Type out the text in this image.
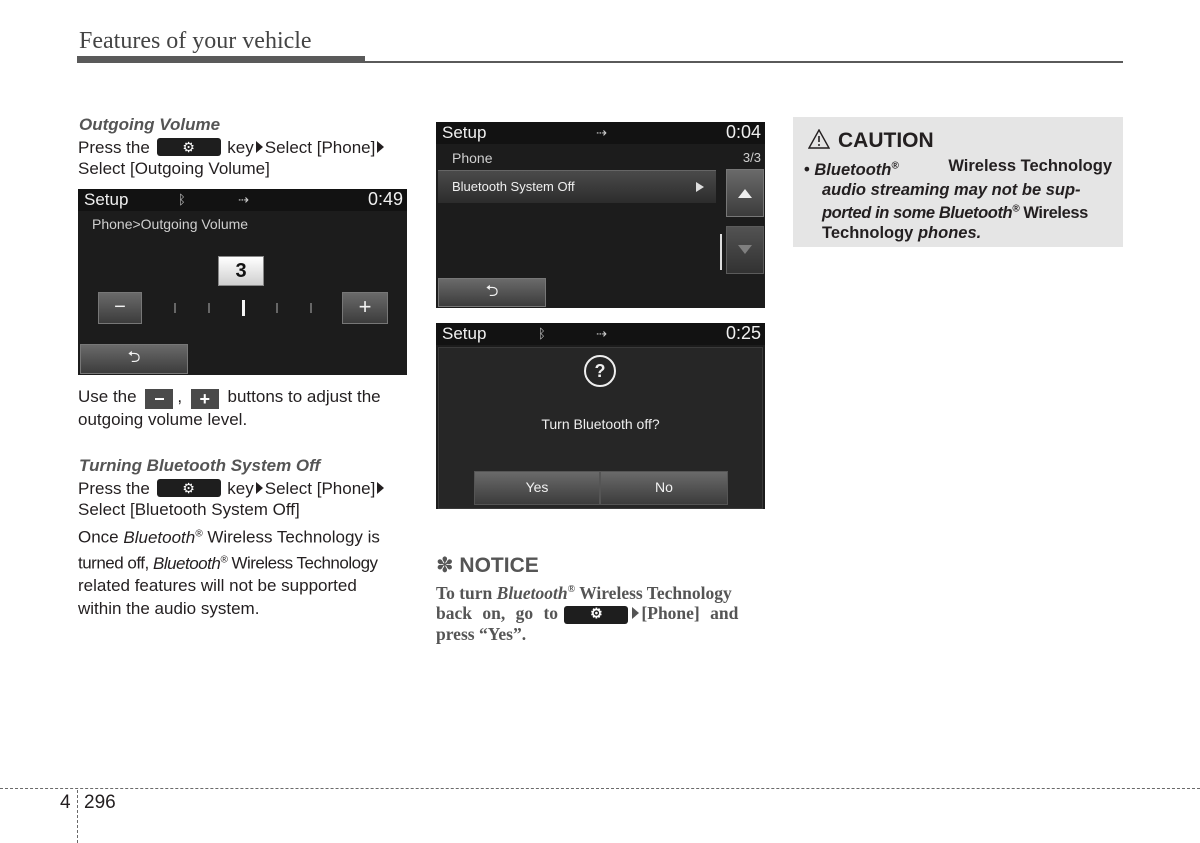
Features of your vehicle
Outgoing Volume
Press the ⚙ key Select [Phone]
Select [Outgoing Volume]
Setup	ᛒ	⇢	0:49
Phone>Outgoing Volume
3
−	+
⮌
Use the − , + buttons to adjust the
outgoing volume level.
Turning Bluetooth System Off
Press the ⚙ key Select [Phone]
Select [Bluetooth System Off]
Once Bluetooth® Wireless Technology is
turned off, Bluetooth® Wireless Technology
related features will not be supported
within the audio system.
Setup	⇢	0:04
Phone	3/3
Bluetooth System Off
⮌
Setup	ᛒ	⇢	0:25
?
Turn Bluetooth off?
Yes	No
✽ NOTICE
To turn Bluetooth® Wireless Technology
back on, go to ⚙ [Phone] and
press “Yes”.
CAUTION
• Bluetooth®	Wireless Technology

audio streaming may not be sup-
ported in some Bluetooth® Wireless
Technology phones.
4 296
